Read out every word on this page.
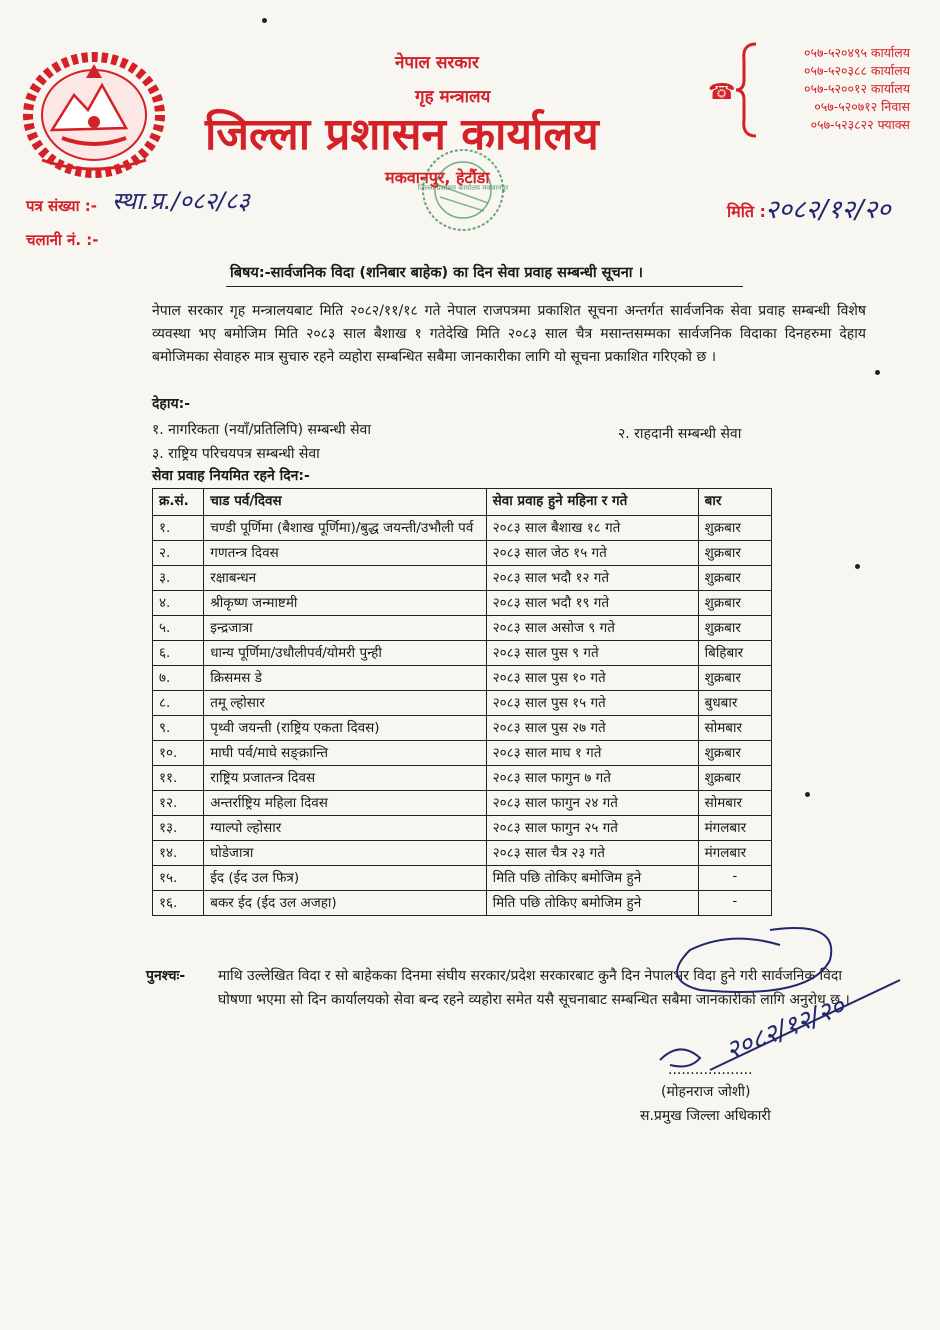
नेपाल सरकार
गृह मन्त्रालय
जिल्ला प्रशासन कार्यालय
जिल्ला प्रशासन कार्यालय मकवानपुर
मकवानपुर, हेटौंडा
☎
०५७-५२०४९५ कार्यालय
०५७-५२०३८८ कार्यालय
०५७-५२००१२ कार्यालय
०५७-५२०७१२ निवास
०५७-५२३८२२ फ्याक्स
पत्र संख्या :- स्था.प्र./०८२/८३
चलानी नं. :-
मिति : २०८२/१२/२०
बिषय:-सार्वजनिक विदा (शनिबार बाहेक) का दिन सेवा प्रवाह सम्बन्धी सूचना ।
नेपाल सरकार गृह मन्त्रालयबाट मिति २०८२/११/१८ गते नेपाल राजपत्रमा प्रकाशित सूचना अन्तर्गत सार्वजनिक सेवा प्रवाह सम्बन्धी विशेष व्यवस्था भए बमोजिम मिति २०८३ साल बैशाख १ गतेदेखि मिति २०८३ साल चैत्र मसान्तसम्मका सार्वजनिक विदाका दिनहरुमा देहाय बमोजिमका सेवाहरु मात्र सुचारु रहने व्यहोरा सम्बन्धित सबैमा जानकारीका लागि यो सूचना प्रकाशित गरिएको छ ।
देहाय:-
१. नागरिकता (नयाँ/प्रतिलिपि) सम्बन्धी सेवा	२. राहदानी सम्बन्धी सेवा
३. राष्ट्रिय परिचयपत्र सम्बन्धी सेवा
सेवा प्रवाह नियमित रहने दिन:-
क्र.सं.	चाड पर्व/दिवस	सेवा प्रवाह हुने महिना र गते	बार
१.	चण्डी पूर्णिमा (बैशाख पूर्णिमा)/बुद्ध जयन्ती/उभौली पर्व	२०८३ साल बैशाख १८ गते	शुक्रबार
२.	गणतन्त्र दिवस	२०८३ साल जेठ १५ गते	शुक्रबार
३.	रक्षाबन्धन	२०८३ साल भदौ १२ गते	शुक्रबार
४.	श्रीकृष्ण जन्माष्टमी	२०८३ साल भदौ १९ गते	शुक्रबार
५.	इन्द्रजात्रा	२०८३ साल असोज ९ गते	शुक्रबार
६.	धान्य पूर्णिमा/उधौलीपर्व/योमरी पुन्ही	२०८३ साल पुस ९ गते	बिहिबार
७.	क्रिसमस डे	२०८३ साल पुस १० गते	शुक्रबार
८.	तमू ल्होसार	२०८३ साल पुस १५ गते	बुधबार
९.	पृथ्वी जयन्ती (राष्ट्रिय एकता दिवस)	२०८३ साल पुस २७ गते	सोमबार
१०.	माघी पर्व/माघे सङ्क्रान्ति	२०८३ साल माघ १ गते	शुक्रबार
११.	राष्ट्रिय प्रजातन्त्र दिवस	२०८३ साल फागुन ७ गते	शुक्रबार
१२.	अन्तर्राष्ट्रिय महिला दिवस	२०८३ साल फागुन २४ गते	सोमबार
१३.	ग्याल्पो ल्होसार	२०८३ साल फागुन २५ गते	मंगलबार
१४.	घोडेजात्रा	२०८३ साल चैत्र २३ गते	मंगलबार
१५.	ईद (ईद उल फित्र)	मिति पछि तोकिए बमोजिम हुने	-
१६.	बकर ईद (ईद उल अजहा)	मिति पछि तोकिए बमोजिम हुने	-
पुनश्चः- माथि उल्लेखित विदा र सो बाहेकका दिनमा संघीय सरकार/प्रदेश सरकारबाट कुनै दिन नेपालभर विदा हुने गरी सार्वजनिक विदा घोषणा भएमा सो दिन कार्यालयको सेवा बन्द रहने व्यहोरा समेत यसै सूचनाबाट सम्बन्धित सबैमा जानकारीको लागि अनुरोध छ ।
२०८२/१२/२०
...................
(मोहनराज जोशी)
स.प्रमुख जिल्ला अधिकारी
